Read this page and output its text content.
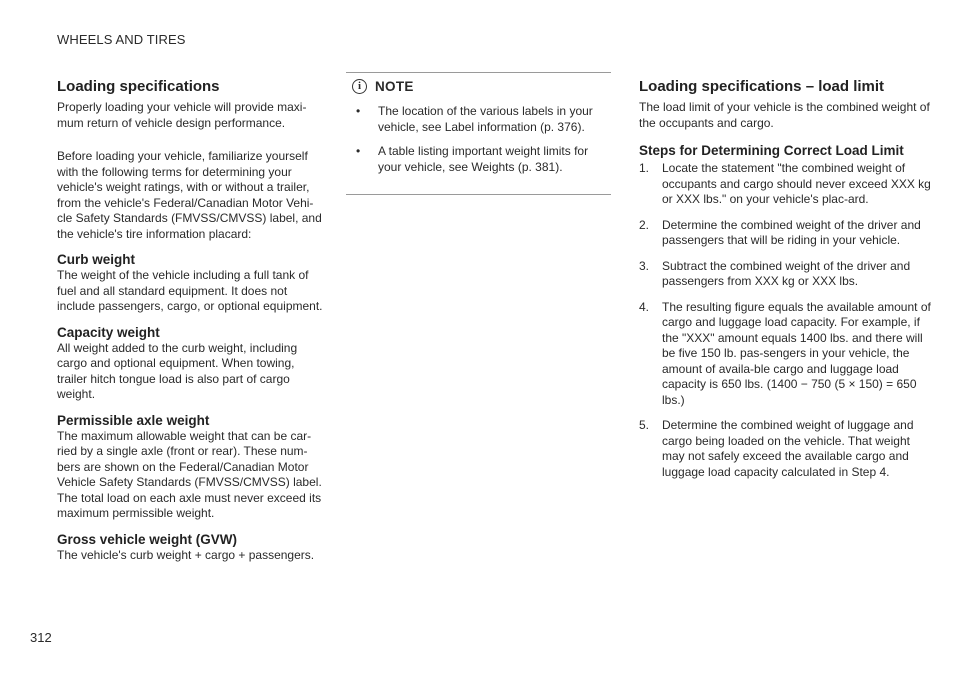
WHEELS AND TIRES
Loading specifications

Properly loading your vehicle will provide maxi-mum return of vehicle design performance.

Before loading your vehicle, familiarize yourself with the following terms for determining your vehicle's weight ratings, with or without a trailer, from the vehicle's Federal/Canadian Motor Vehi-cle Safety Standards (FMVSS/CMVSS) label, and the vehicle's tire information placard:

Curb weight

The weight of the vehicle including a full tank of fuel and all standard equipment. It does not include passengers, cargo, or optional equipment.

Capacity weight

All weight added to the curb weight, including cargo and optional equipment. When towing, trailer hitch tongue load is also part of cargo weight.

Permissible axle weight

The maximum allowable weight that can be car-ried by a single axle (front or rear). These num-bers are shown on the Federal/Canadian Motor Vehicle Safety Standards (FMVSS/CMVSS) label. The total load on each axle must never exceed its maximum permissible weight.

Gross vehicle weight (GVW)

The vehicle's curb weight + cargo + passengers.

i	NOTE
• The location of the various labels in your vehicle, see Label information (p. 376).
• A table listing important weight limits for your vehicle, see Weights (p. 381).
Loading specifications – load limit

The load limit of your vehicle is the combined weight of the occupants and cargo.

Steps for Determining Correct Load Limit
1. Locate the statement "the combined weight of occupants and cargo should never exceed XXX kg or XXX lbs." on your vehicle's plac-ard.
2. Determine the combined weight of the driver and passengers that will be riding in your vehicle.
3. Subtract the combined weight of the driver and passengers from XXX kg or XXX lbs.
4. The resulting figure equals the available amount of cargo and luggage load capacity. For example, if the "XXX" amount equals 1400 lbs. and there will be five 150 lb. pas-sengers in your vehicle, the amount of availa-ble cargo and luggage load capacity is 650 lbs. (1400 − 750 (5 × 150) = 650 lbs.)
5. Determine the combined weight of luggage and cargo being loaded on the vehicle. That weight may not safely exceed the available cargo and luggage load capacity calculated in Step 4.
312
